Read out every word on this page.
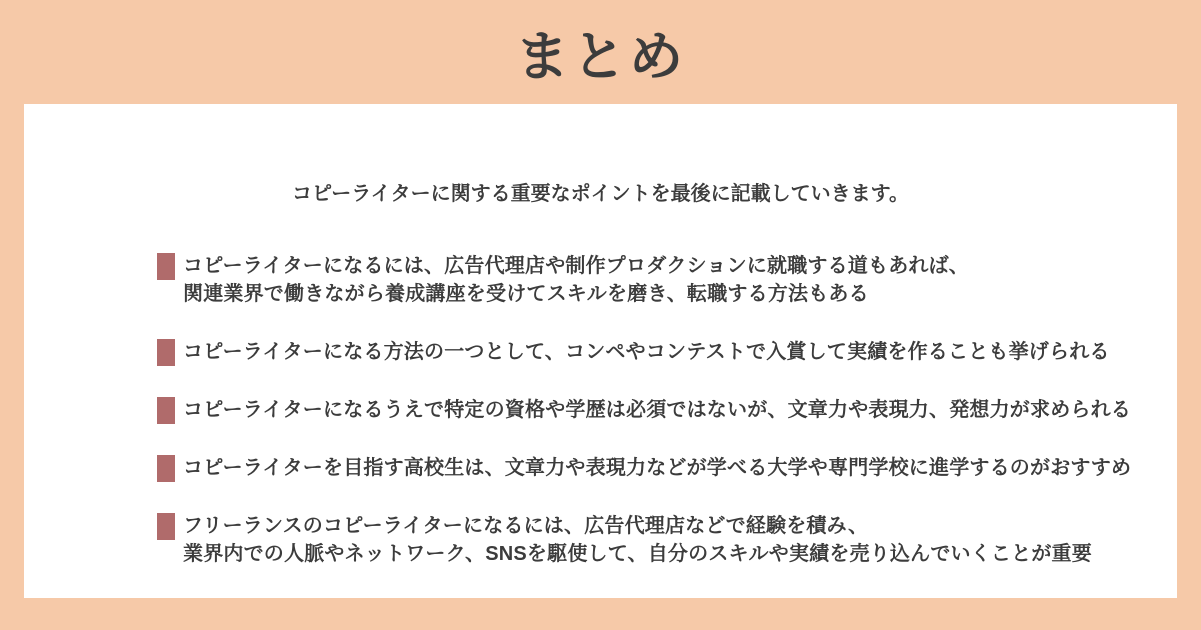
まとめ

コピーライターに関する重要なポイントを最後に記載していきます。

コピーライターになるには、広告代理店や制作プロダクションに就職する道もあれば、
関連業界で働きながら養成講座を受けてスキルを磨き、転職する方法もある
コピーライターになる方法の一つとして、コンペやコンテストで入賞して実績を作ることも挙げられる
コピーライターになるうえで特定の資格や学歴は必須ではないが、文章力や表現力、発想力が求められる
コピーライターを目指す高校生は、文章力や表現力などが学べる大学や専門学校に進学するのがおすすめ
フリーランスのコピーライターになるには、広告代理店などで経験を積み、
業界内での人脈やネットワーク、SNSを駆使して、自分のスキルや実績を売り込んでいくことが重要
